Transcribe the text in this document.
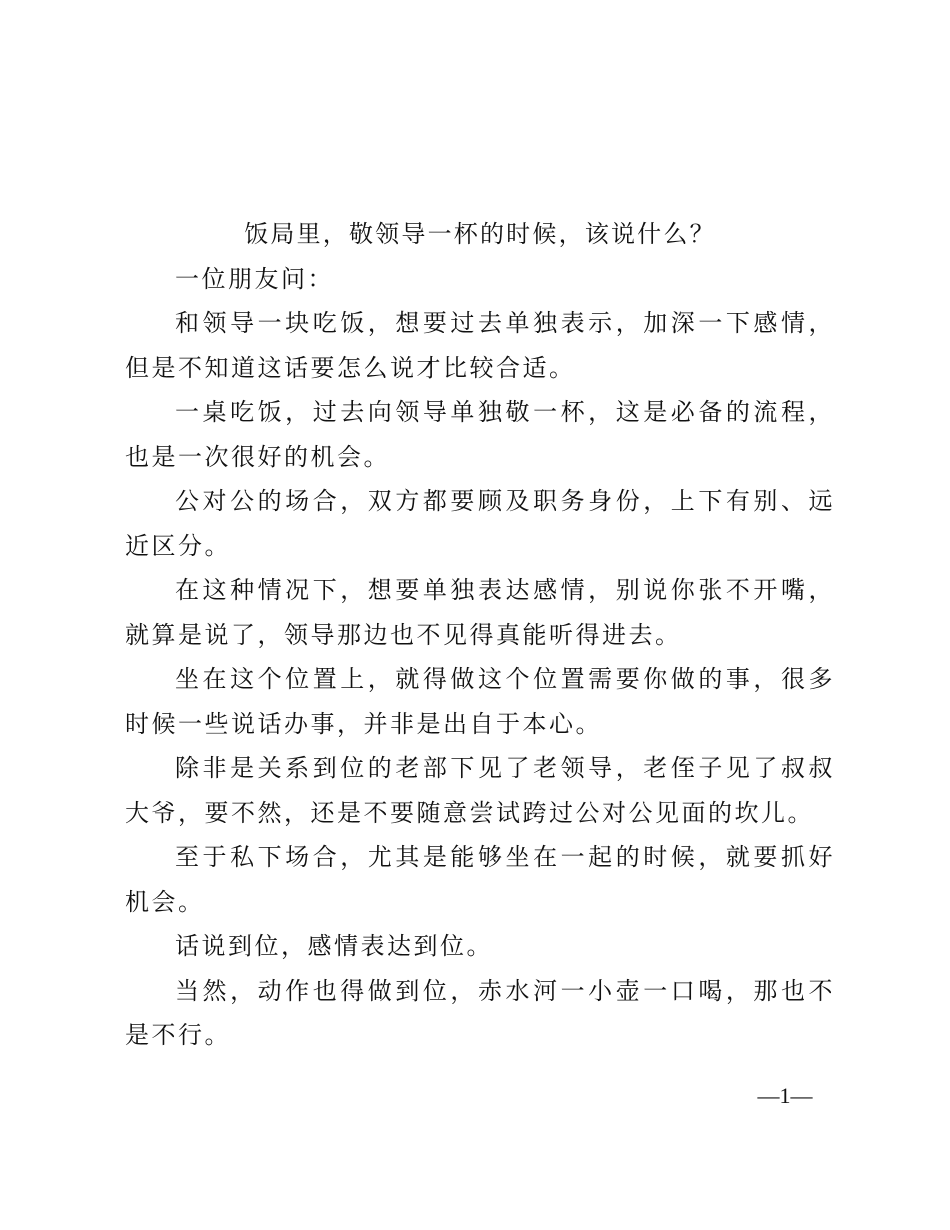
饭局里，敬领导一杯的时候，该说什么？

一位朋友问：

和领导一块吃饭，想要过去单独表示，加深一下感情，但是不知道这话要怎么说才比较合适。

一桌吃饭，过去向领导单独敬一杯，这是必备的流程，也是一次很好的机会。

公对公的场合，双方都要顾及职务身份，上下有别、远近区分。

在这种情况下，想要单独表达感情，别说你张不开嘴，就算是说了，领导那边也不见得真能听得进去。

坐在这个位置上，就得做这个位置需要你做的事，很多时候一些说话办事，并非是出自于本心。

除非是关系到位的老部下见了老领导，老侄子见了叔叔大爷，要不然，还是不要随意尝试跨过公对公见面的坎儿。

至于私下场合，尤其是能够坐在一起的时候，就要抓好机会。

话说到位，感情表达到位。

当然，动作也得做到位，赤水河一小壶一口喝，那也不是不行。

—1—
